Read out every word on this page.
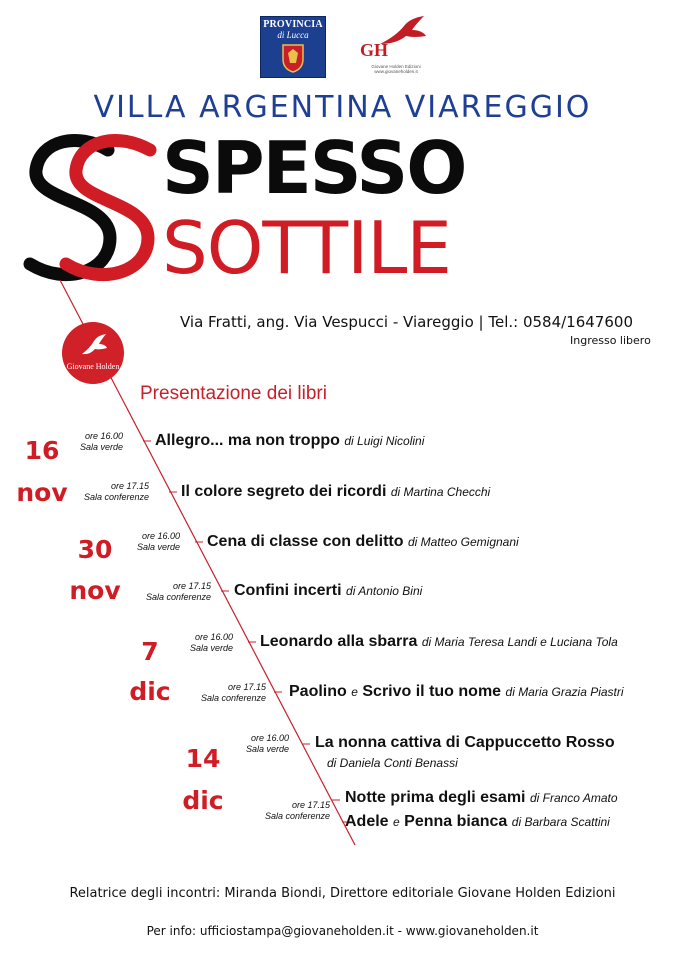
PROVINCIA
di Lucca
GH
Giovane Holden Edizioni
www.giovaneholden.it
VILLA ARGENTINA VIAREGGIO
SPESSO
SOTTILE
Via Fratti, ang. Via Vespucci - Viareggio | Tel.: 0584/1647600
Ingresso libero
Giovane Holden
Presentazione dei libri
16
nov
30
nov
7
dic
14
dic
ore 16.00
Sala verde Allegro... ma non troppo di Luigi Nicolini
ore 17.15
Sala conferenze Il colore segreto dei ricordi di Martina Checchi
ore 16.00
Sala verde Cena di classe con delitto di Matteo Gemignani
ore 17.15
Sala conferenze Confini incerti di Antonio Bini
ore 16.00
Sala verde Leonardo alla sbarra di Maria Teresa Landi e Luciana Tola
ore 17.15
Sala conferenze Paolino e Scrivo il tuo nome di Maria Grazia Piastri
ore 16.00
Sala verde La nonna cattiva di Cappuccetto Rosso
di Daniela Conti Benassi
ore 17.15
Sala conferenze
Notte prima degli esami di Franco Amato
Adele e Penna bianca di Barbara Scattini
Relatrice degli incontri: Miranda Biondi, Direttore editoriale Giovane Holden Edizioni
Per info: ufficiostampa@giovaneholden.it - www.giovaneholden.it
